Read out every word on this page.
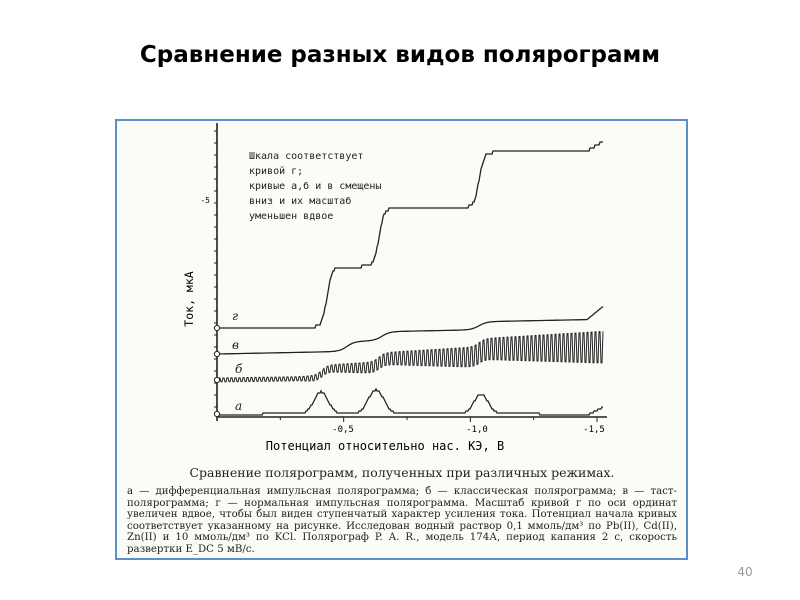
Сравнение разных видов полярограмм
-5
-0,5	-1,0	-1,5
Ток, мкА
Потенциал относительно нас. КЭ, В
Шкала соответствует
кривой г;
кривые а,б и в смещены
вниз и их масштаб
уменьшен вдвое
г
в
б
а
Сравнение полярограмм, полученных при различных режимах.
а — дифференциальная импульсная полярограмма; б — классическая полярограмма; в — таст-полярограмма; г — нормальная импульсная полярограмма. Масштаб кривой г по оси ординат увеличен вдвое, чтобы был виден ступенчатый характер усиления тока. Потенциал начала кривых соответствует указанному на рисунке. Исследован водный раствор 0,1 ммоль/дм³ по Pb(II), Cd(II), Zn(II) и 10 ммоль/дм³ по KCl. Полярограф P. A. R., модель 174А, период капания 2 с, скорость развертки E_DC 5 мВ/с.
40
